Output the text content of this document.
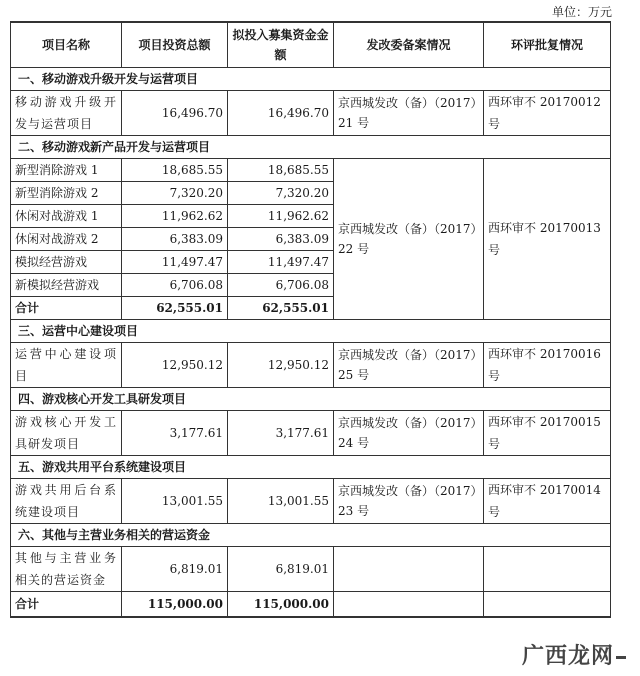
单位：万元
项目名称	项目投资总额	拟投入募集资金金额	发改委备案情况	环评批复情况
一、移动游戏升级开发与运营项目				
移动游戏升级开发与运营项目	16,496.70	16,496.70	京西城发改（备）（2017）21 号	西环审不 20170012 号
二、移动游戏新产品开发与运营项目				
新型消除游戏 1	18,685.55	18,685.55	京西城发改（备）（2017）22 号	西环审不 20170013 号
新型消除游戏 2	7,320.20	7,320.20		
休闲对战游戏 1	11,962.62	11,962.62		
休闲对战游戏 2	6,383.09	6,383.09		
模拟经营游戏	11,497.47	11,497.47		
新模拟经营游戏	6,706.08	6,706.08		
合计	62,555.01	62,555.01		
三、运营中心建设项目				
运营中心建设项目	12,950.12	12,950.12	京西城发改（备）（2017）25 号	西环审不 20170016 号
四、游戏核心开发工具研发项目				
游戏核心开发工具研发项目	3,177.61	3,177.61	京西城发改（备）（2017）24 号	西环审不 20170015 号
五、游戏共用平台系统建设项目				
游戏共用后台系统建设项目	13,001.55	13,001.55	京西城发改（备）（2017）23 号	西环审不 20170014 号
六、其他与主营业务相关的营运资金				
其他与主营业务相关的营运资金	6,819.01	6,819.01		
合计	115,000.00	115,000.00		
广西龙网
